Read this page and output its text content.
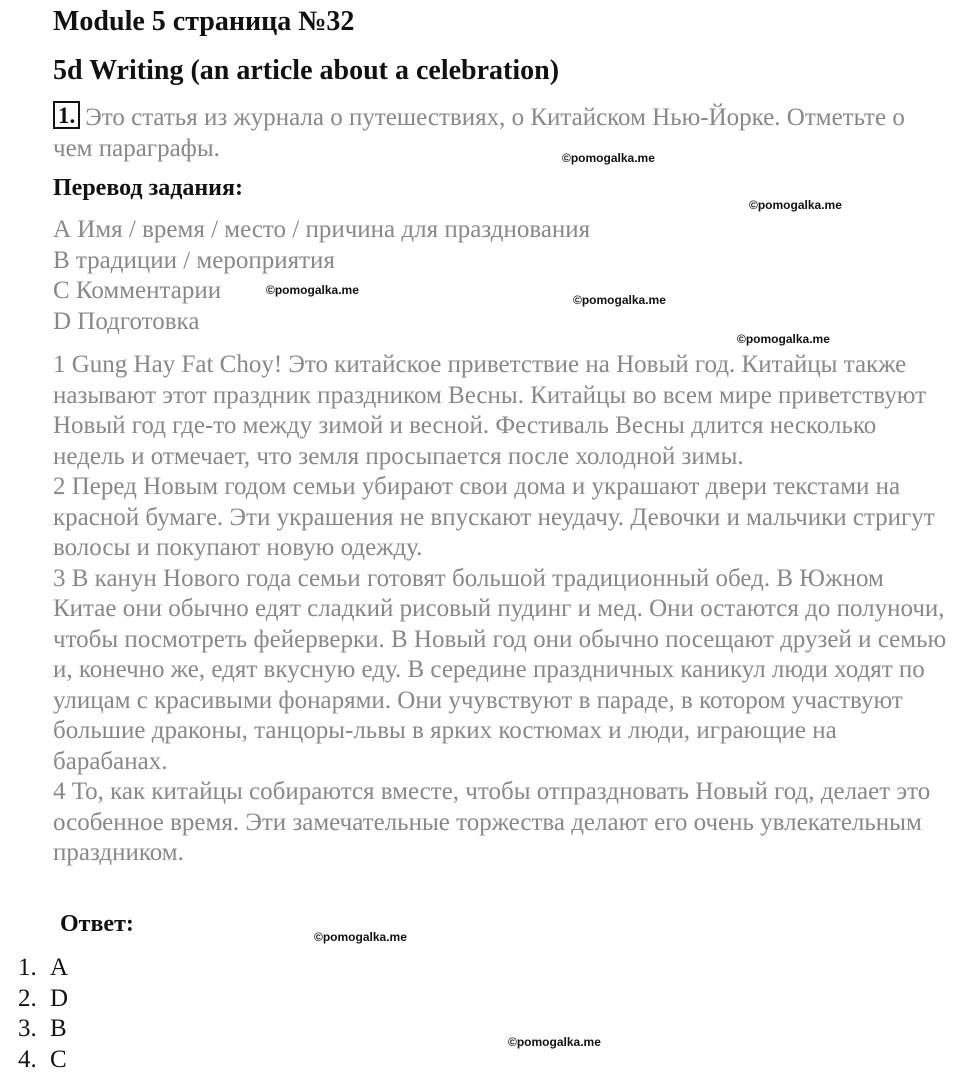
Module 5 страница №32
5d Writing (an article about a celebration)
1. Это статья из журнала о путешествиях, о Китайском Нью-Йорке. Отметьте о чем параграфы.
Перевод задания:
А Имя / время / место / причина для празднования
В традиции / мероприятия
С Комментарии
D Подготовка

1 Gung Hay Fat Choy! Это китайское приветствие на Новый год. Китайцы также называют этот праздник праздником Весны. Китайцы во всем мире приветствуют Новый год где-то между зимой и весной. Фестиваль Весны длится несколько недель и отмечает, что земля просыпается после холодной зимы.

2 Перед Новым годом семьи убирают свои дома и украшают двери текстами на красной бумаге. Эти украшения не впускают неудачу. Девочки и мальчики стригут волосы и покупают новую одежду.

3 В канун Нового года семьи готовят большой традиционный обед. В Южном Китае они обычно едят сладкий рисовый пудинг и мед. Они остаются до полуночи, чтобы посмотреть фейерверки. В Новый год они обычно посещают друзей и семью и, конечно же, едят вкусную еду. В середине праздничных каникул люди ходят по улицам с красивыми фонарями. Они учувствуют в параде, в котором участвуют большие драконы, танцоры-львы в ярких костюмах и люди, играющие на барабанах.

4 То, как китайцы собираются вместе, чтобы отпраздновать Новый год, делает это особенное время. Эти замечательные торжества делают его очень увлекательным праздником.

Ответ:
1. A
2. D
3. B
4. C
©pomogalka.me
©pomogalka.me
©pomogalka.me
©pomogalka.me
©pomogalka.me
©pomogalka.me
©pomogalka.me
